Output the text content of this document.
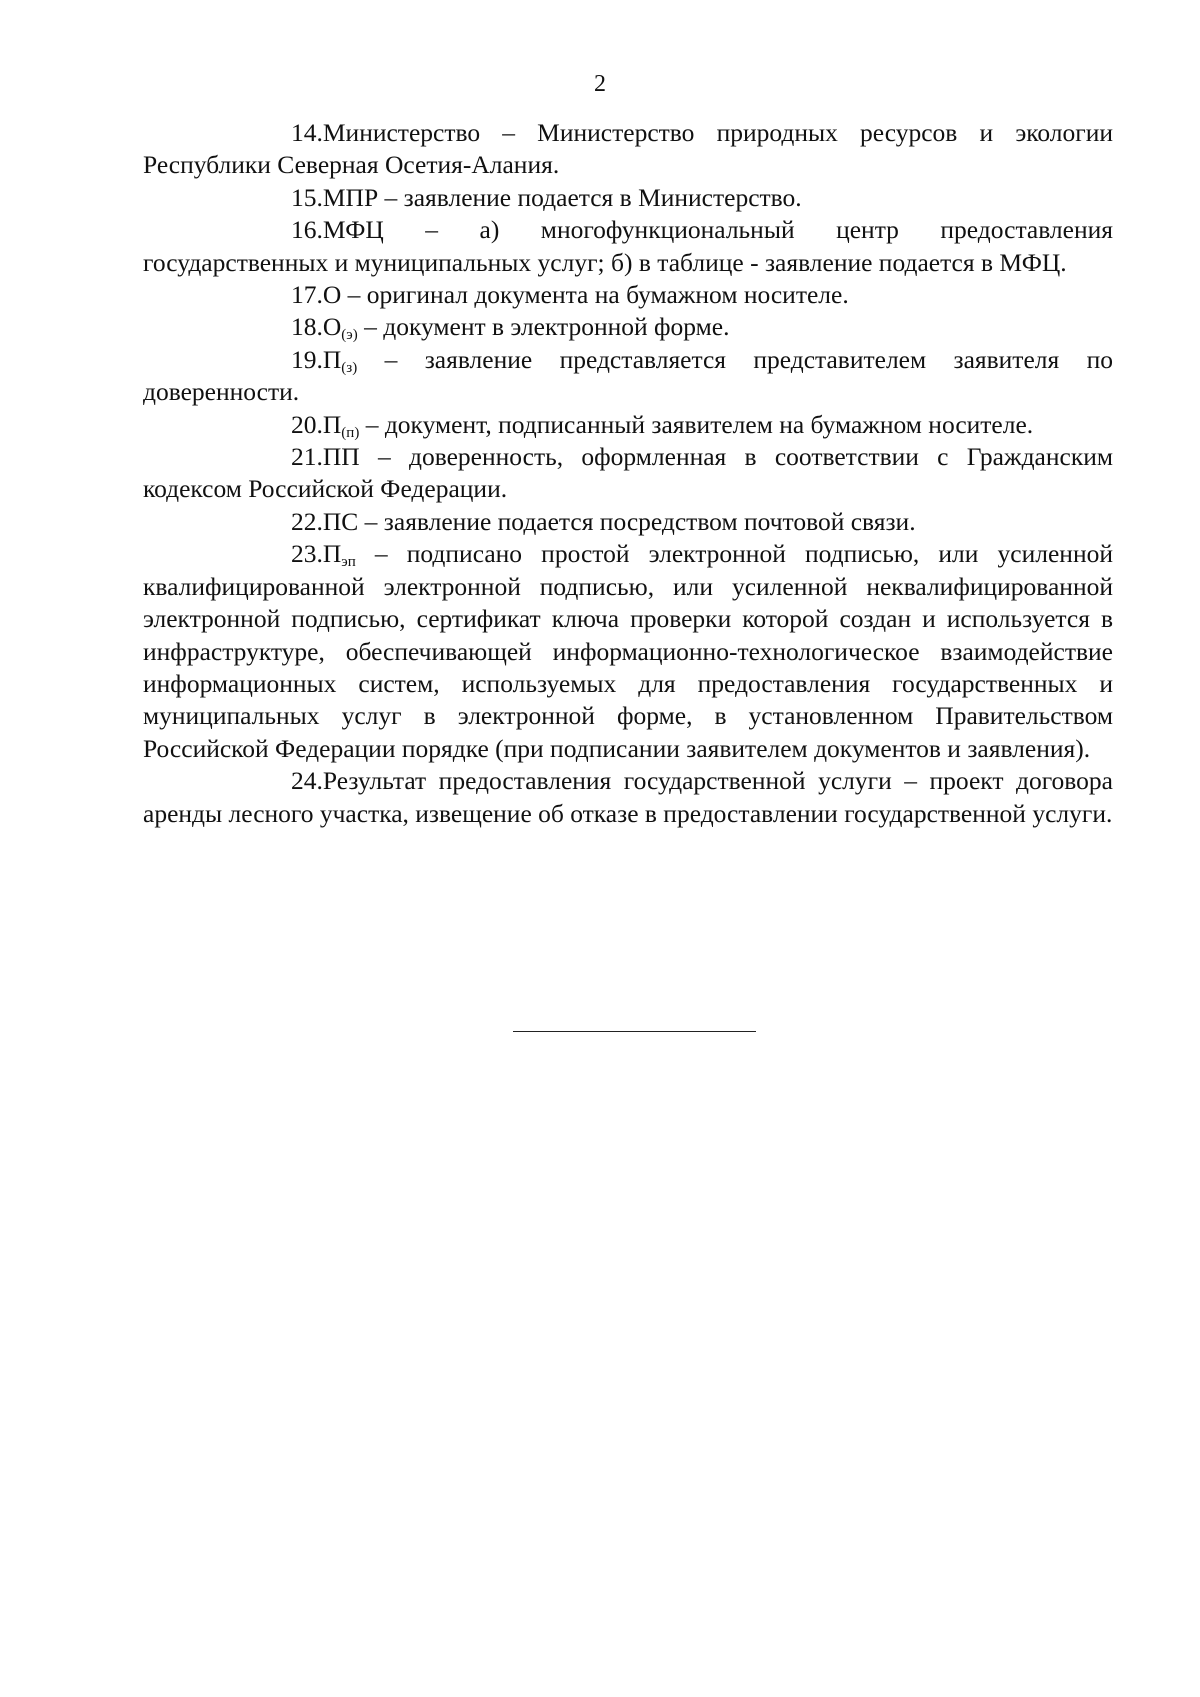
2

14.Министерство – Министерство природных ресурсов и экологии Республики Северная Осетия-Алания.

15.МПР – заявление подается в Министерство.

16.МФЦ – а) многофункциональный центр предоставления государственных и муниципальных услуг; б) в таблице - заявление подается в МФЦ.

17.О – оригинал документа на бумажном носителе.

$18.О_{(э)}$ – документ в электронной форме.

$19.П_{(з)}$ – заявление представляется представителем заявителя по доверенности.

$20.П_{(п)}$ – документ, подписанный заявителем на бумажном носителе.

21.ПП – доверенность, оформленная в соответствии с Гражданским кодексом Российской Федерации.

22.ПС – заявление подается посредством почтовой связи.

$23.П_{эп}$ – подписано простой электронной подписью, или усиленной квалифицированной электронной подписью, или усиленной неквалифицированной электронной подписью, сертификат ключа проверки которой создан и используется в инфраструктуре, обеспечивающей информационно-технологическое взаимодействие информационных систем, используемых для предоставления государственных и муниципальных услуг в электронной форме, в установленном Правительством Российской Федерации порядке (при подписании заявителем документов и заявления).

24.Результат предоставления государственной услуги – проект договора аренды лесного участка, извещение об отказе в предоставлении государственной услуги.
